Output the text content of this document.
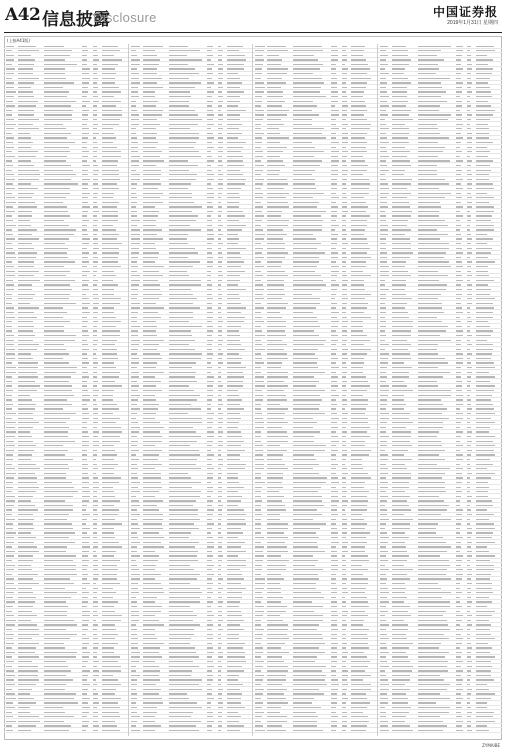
A42 信息披露
Disclosure	中国证券报
2019年1月31日 星期四
(上接A41版)
ZYMAIBE
